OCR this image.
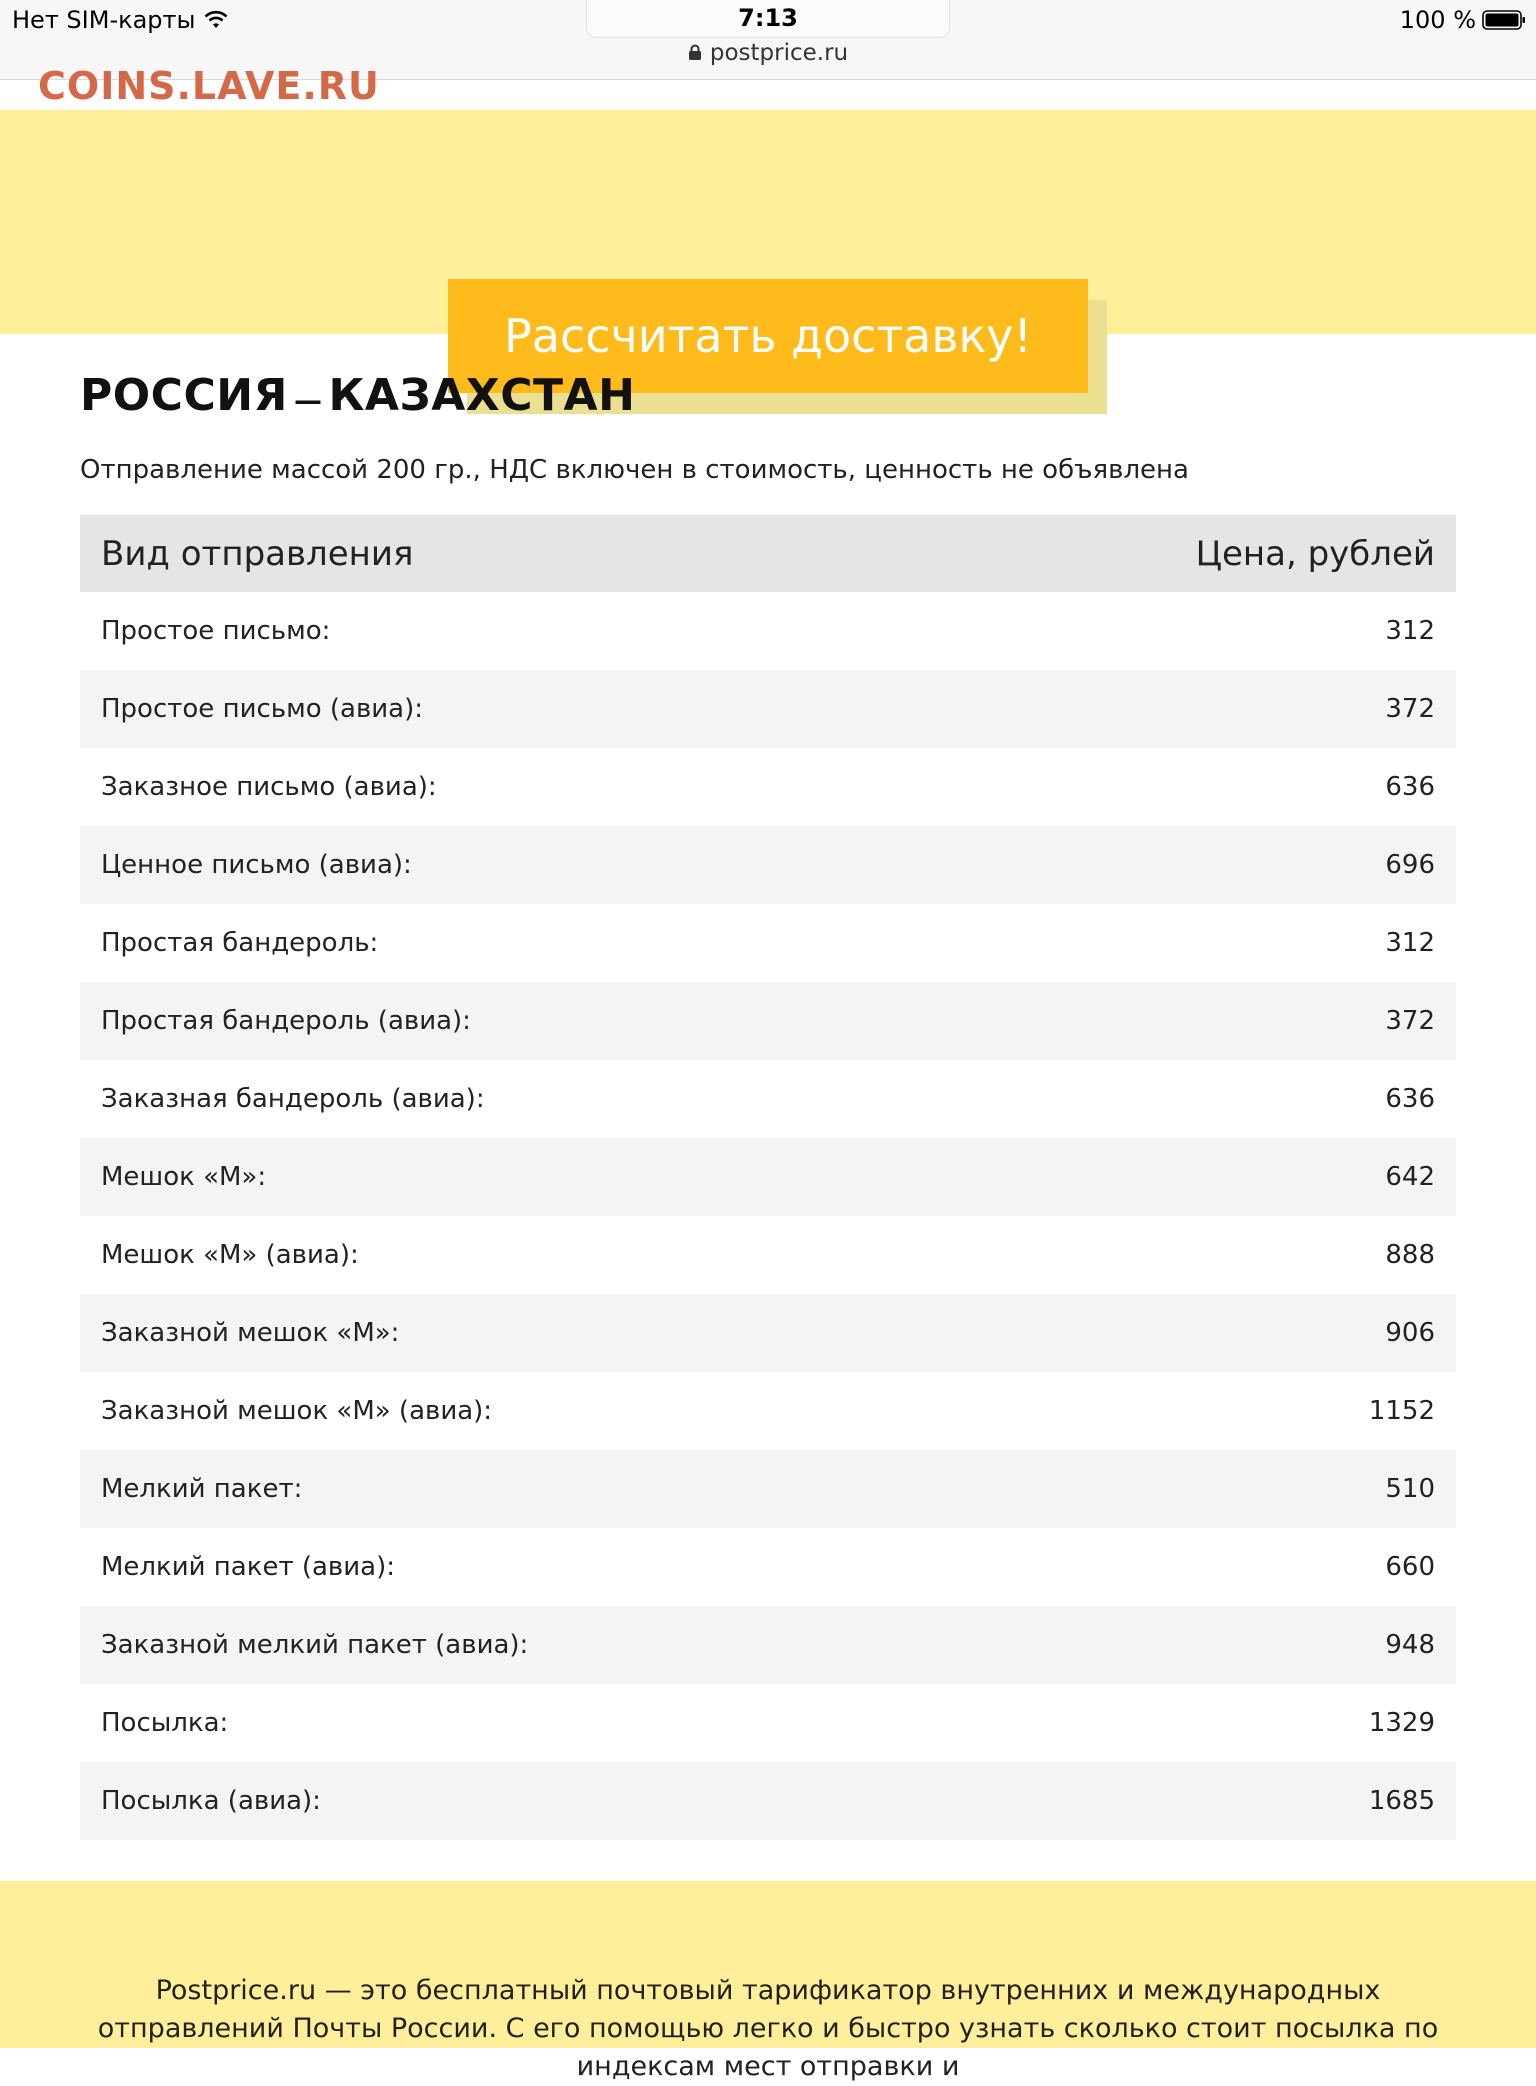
Нет SIM-карты	7:13	100 %
postprice.ru
COINS.LAVE.RU
Рассчитать доставку!
РОССИЯ — КАЗАХСТАН

Отправление массой 200 гр., НДС включен в стоимость, ценность не объявлена

Вид отправления	Цена, рублей
Простое письмо:	312
Простое письмо (авиа):	372
Заказное письмо (авиа):	636
Ценное письмо (авиа):	696
Простая бандероль:	312
Простая бандероль (авиа):	372
Заказная бандероль (авиа):	636
Мешок «М»:	642
Мешок «М» (авиа):	888
Заказной мешок «М»:	906
Заказной мешок «М» (авиа):	1152
Мелкий пакет:	510
Мелкий пакет (авиа):	660
Заказной мелкий пакет (авиа):	948
Посылка:	1329
Посылка (авиа):	1685

Postprice.ru — это бесплатный почтовый тарификатор внутренних и международных отправлений Почты России. С его помощью легко и быстро узнать сколько стоит посылка по индексам мест отправки и
